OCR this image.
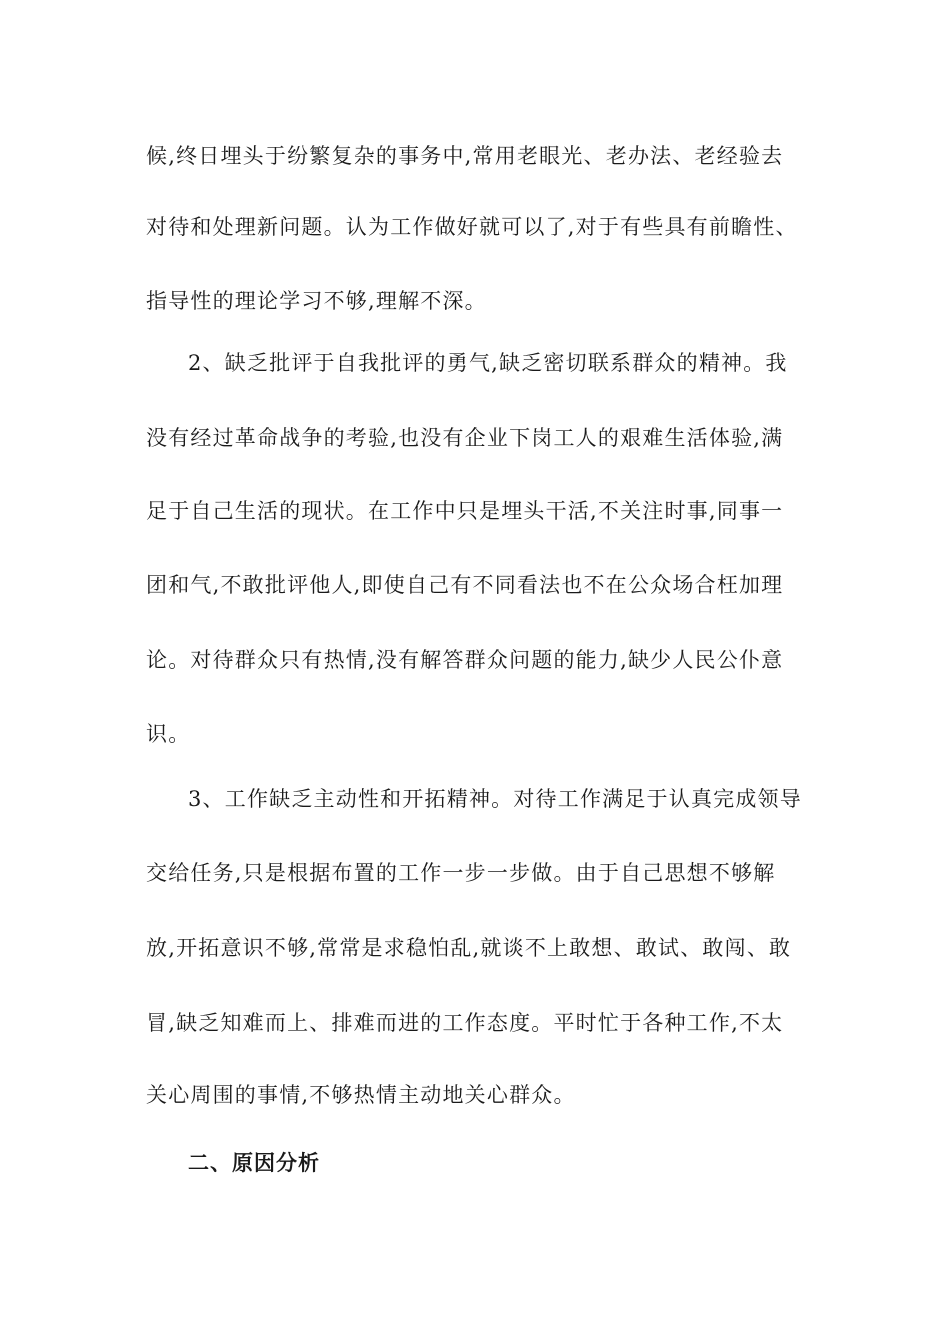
候,终日埋头于纷繁复杂的事务中,常用老眼光、老办法、老经验去
对待和处理新问题。认为工作做好就可以了,对于有些具有前瞻性、
指导性的理论学习不够,理解不深。
2、缺乏批评于自我批评的勇气,缺乏密切联系群众的精神。我
没有经过革命战争的考验,也没有企业下岗工人的艰难生活体验,满
足于自己生活的现状。在工作中只是埋头干活,不关注时事,同事一
团和气,不敢批评他人,即使自己有不同看法也不在公众场合枉加理
论。对待群众只有热情,没有解答群众问题的能力,缺少人民公仆意
识。
3、工作缺乏主动性和开拓精神。对待工作满足于认真完成领导
交给任务,只是根据布置的工作一步一步做。由于自己思想不够解
放,开拓意识不够,常常是求稳怕乱,就谈不上敢想、敢试、敢闯、敢
冒,缺乏知难而上、排难而进的工作态度。平时忙于各种工作,不太
关心周围的事情,不够热情主动地关心群众。
二、原因分析
